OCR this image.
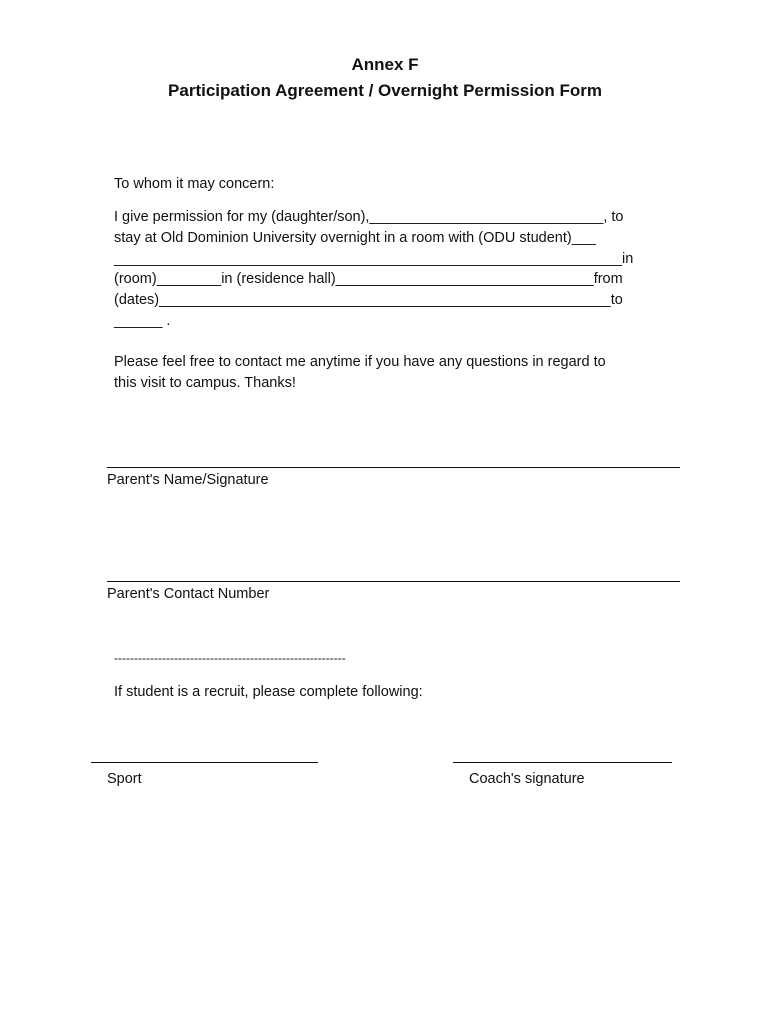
Annex F
Participation Agreement / Overnight Permission Form
To whom it may concern:
I give permission for my (daughter/son),_____________________________, to
stay at Old Dominion University overnight in a room with (ODU student)___
_______________________________________________________________in
(room)________in (residence hall)________________________________from
(dates)________________________________________________________to
______ .
Please feel free to contact me anytime if you have any questions in regard to
this visit to campus. Thanks!
Parent's Name/Signature
Parent's Contact Number
----------------------------------------------------------
If student is a recruit, please complete following:
Sport	Coach's signature
